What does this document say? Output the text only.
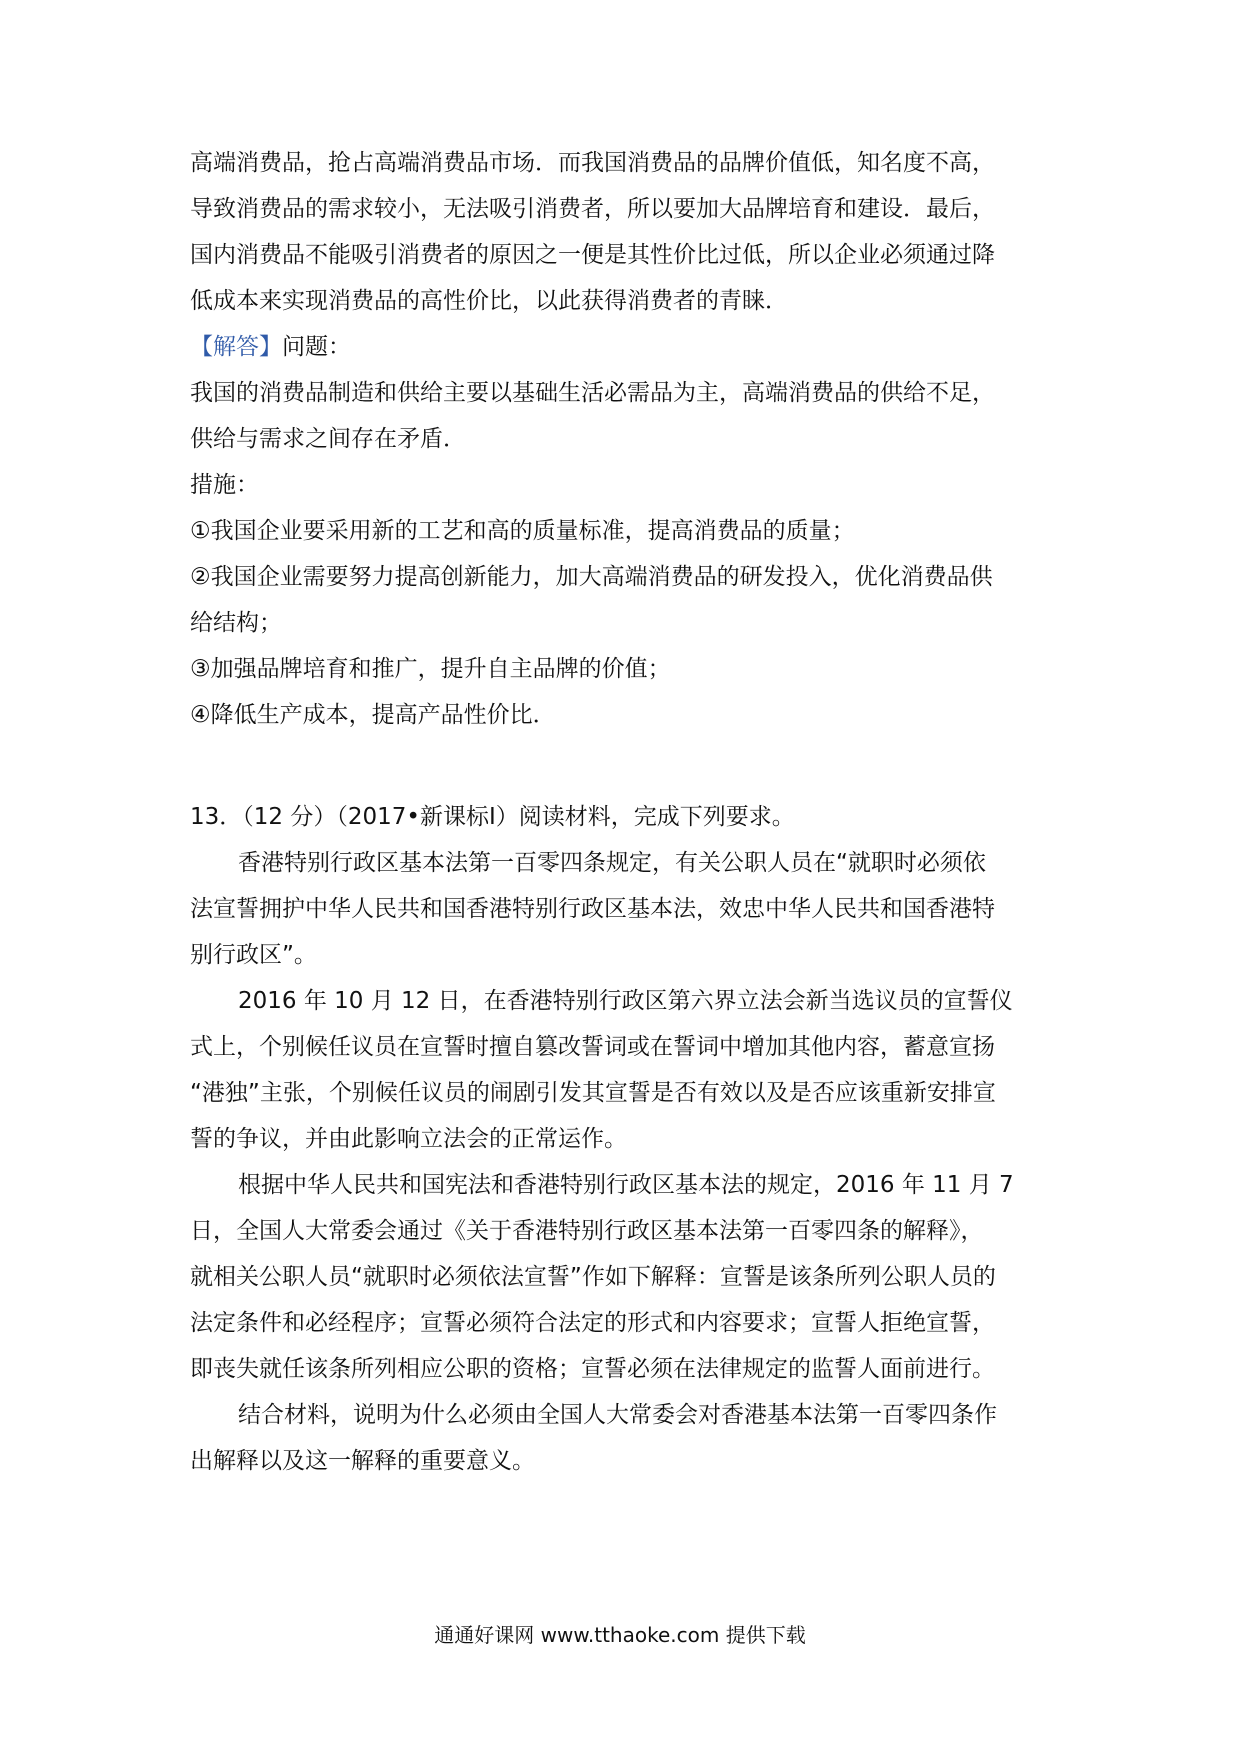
高端消费品，抢占高端消费品市场．而我国消费品的品牌价值低，知名度不高，
导致消费品的需求较小，无法吸引消费者，所以要加大品牌培育和建设．最后，
国内消费品不能吸引消费者的原因之一便是其性价比过低，所以企业必须通过降
低成本来实现消费品的高性价比，以此获得消费者的青睐．
【解答】问题：
我国的消费品制造和供给主要以基础生活必需品为主，高端消费品的供给不足，
供给与需求之间存在矛盾．
措施：
①我国企业要采用新的工艺和高的质量标准，提高消费品的质量；
②我国企业需要努力提高创新能力，加大高端消费品的研发投入，优化消费品供
给结构；
③加强品牌培育和推广，提升自主品牌的价值；
④降低生产成本，提高产品性价比．
13．（12 分）（2017•新课标Ⅰ）阅读材料，完成下列要求。
香港特别行政区基本法第一百零四条规定，有关公职人员在“就职时必须依
法宣誓拥护中华人民共和国香港特别行政区基本法，效忠中华人民共和国香港特
别行政区”。
2016 年 10 月 12 日，在香港特别行政区第六界立法会新当选议员的宣誓仪
式上，个别候任议员在宣誓时擅自篡改誓词或在誓词中增加其他内容，蓄意宣扬
“港独”主张，个别候任议员的闹剧引发其宣誓是否有效以及是否应该重新安排宣
誓的争议，并由此影响立法会的正常运作。
根据中华人民共和国宪法和香港特别行政区基本法的规定，2016 年 11 月 7
日，全国人大常委会通过《关于香港特别行政区基本法第一百零四条的解释》，
就相关公职人员“就职时必须依法宣誓”作如下解释：宣誓是该条所列公职人员的
法定条件和必经程序；宣誓必须符合法定的形式和内容要求；宣誓人拒绝宣誓，
即丧失就任该条所列相应公职的资格；宣誓必须在法律规定的监誓人面前进行。
结合材料，说明为什么必须由全国人大常委会对香港基本法第一百零四条作
出解释以及这一解释的重要意义。
通通好课网 www.tthaoke.com 提供下载
